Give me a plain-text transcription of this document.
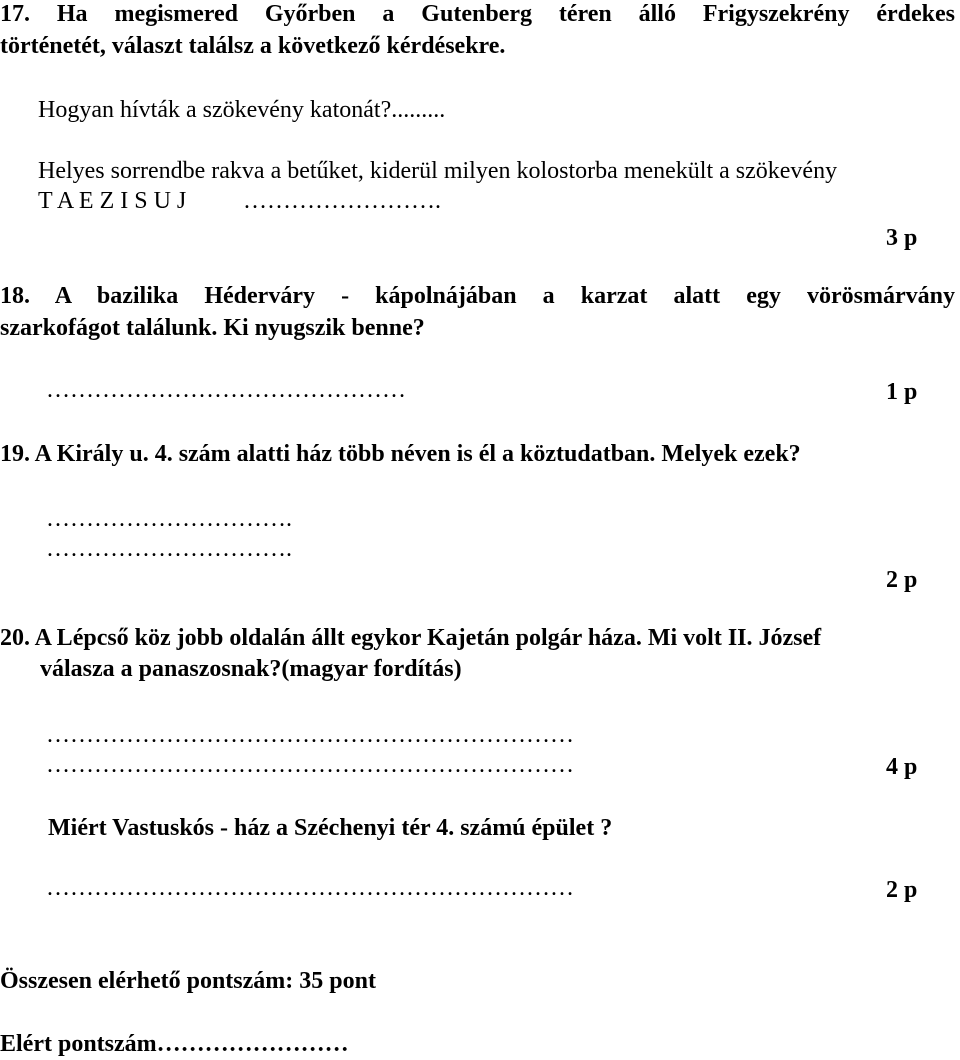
17. Ha megismered Győrben a Gutenberg téren álló Frigyszekrény érdekes
történetét, választ találsz a következő kérdésekre.
Hogyan hívták a szökevény katonát?.........
Helyes sorrendbe rakva a betűket, kiderül milyen kolostorba menekült a szökevény
T A E Z I S U J …………………….
3 p
18. A bazilika Héderváry - kápolnájában a karzat alatt egy vörösmárvány
szarkofágot találunk. Ki nyugszik benne?
………………………………………	1 p
19. A Király u. 4. szám alatti ház több néven is él a köztudatban. Melyek ezek?
………………………….
………………………….
2 p
20. A Lépcső köz jobb oldalán állt egykor Kajetán polgár háza. Mi volt II. József
válasza a panaszosnak?(magyar fordítás)
…………………………………………………………
…………………………………………………………	4 p
Miért Vastuskós - ház a Széchenyi tér 4. számú épület ?
…………………………………………………………	2 p
Összesen elérhető pontszám: 35 pont
Elért pontszám……………………
